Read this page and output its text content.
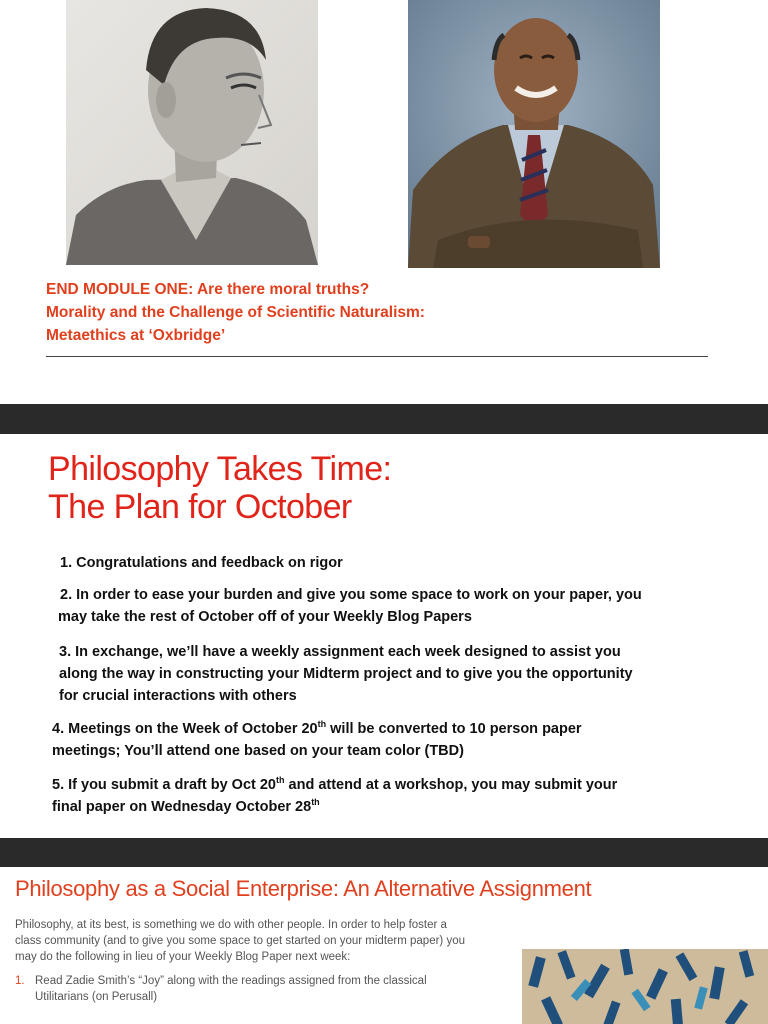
END MODULE ONE: Are there moral truths?
Morality and the Challenge of Scientific Naturalism:
Metaethics at ‘Oxbridge’
Philosophy Takes Time:
The Plan for October
1. Congratulations and feedback on rigor
2. In order to ease your burden and give you some space to work on your paper, you
may take the rest of October off of your Weekly Blog Papers
3. In exchange, we’ll have a weekly assignment each week designed to assist you
along the way in constructing your Midterm project and to give you the opportunity
for crucial interactions with others
4. Meetings on the Week of October 20th will be converted to 10 person paper
meetings; You’ll attend one based on your team color (TBD)
5. If you submit a draft by Oct 20th and attend at a workshop, you may submit your
final paper on Wednesday October 28th
Philosophy as a Social Enterprise: An Alternative Assignment
Philosophy, at its best, is something we do with other people. In order to help foster a
class community (and to give you some space to get started on your midterm paper) you
may do the following in lieu of your Weekly Blog Paper next week:
1. Read Zadie Smith’s “Joy” along with the readings assigned from the classical
Utilitarians (on Perusall)
